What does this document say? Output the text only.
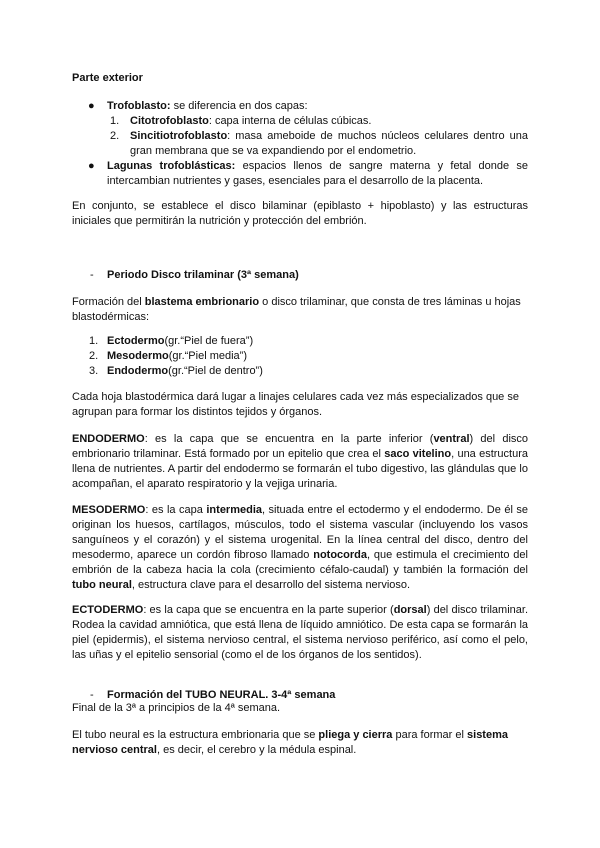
Parte exterior

● Trofoblasto: se diferencia en dos capas:
1. Citotrofoblasto: capa interna de células cúbicas.
2. Sincitiotrofoblasto: masa ameboide de muchos núcleos celulares dentro una gran membrana que se va expandiendo por el endometrio.
● Lagunas trofoblásticas: espacios llenos de sangre materna y fetal donde se intercambian nutrientes y gases, esenciales para el desarrollo de la placenta.

En conjunto, se establece el disco bilaminar (epiblasto + hipoblasto) y las estructuras iniciales que permitirán la nutrición y protección del embrión.

- Periodo Disco trilaminar (3ª semana)

Formación del blastema embrionario o disco trilaminar, que consta de tres láminas u hojas blastodérmicas:

1. Ectodermo(gr.“Piel de fuera”)
2. Mesodermo(gr.“Piel media”)
3. Endodermo(gr.“Piel de dentro”)

Cada hoja blastodérmica dará lugar a linajes celulares cada vez más especializados que se agrupan para formar los distintos tejidos y órganos.

ENDODERMO: es la capa que se encuentra en la parte inferior (ventral) del disco embrionario trilaminar. Está formado por un epitelio que crea el saco vitelino, una estructura llena de nutrientes. A partir del endodermo se formarán el tubo digestivo, las glándulas que lo acompañan, el aparato respiratorio y la vejiga urinaria.

MESODERMO: es la capa intermedia, situada entre el ectodermo y el endodermo. De él se originan los huesos, cartílagos, músculos, todo el sistema vascular (incluyendo los vasos sanguíneos y el corazón) y el sistema urogenital. En la línea central del disco, dentro del mesodermo, aparece un cordón fibroso llamado notocorda, que estimula el crecimiento del embrión de la cabeza hacia la cola (crecimiento céfalo-caudal) y también la formación del tubo neural, estructura clave para el desarrollo del sistema nervioso.

ECTODERMO: es la capa que se encuentra en la parte superior (dorsal) del disco trilaminar. Rodea la cavidad amniótica, que está llena de líquido amniótico. De esta capa se formarán la piel (epidermis), el sistema nervioso central, el sistema nervioso periférico, así como el pelo, las uñas y el epitelio sensorial (como el de los órganos de los sentidos).

- Formación del TUBO NEURAL. 3-4ª semana

Final de la 3ª a principios de la 4ª semana.

El tubo neural es la estructura embrionaria que se pliega y cierra para formar el sistema nervioso central, es decir, el cerebro y la médula espinal.
